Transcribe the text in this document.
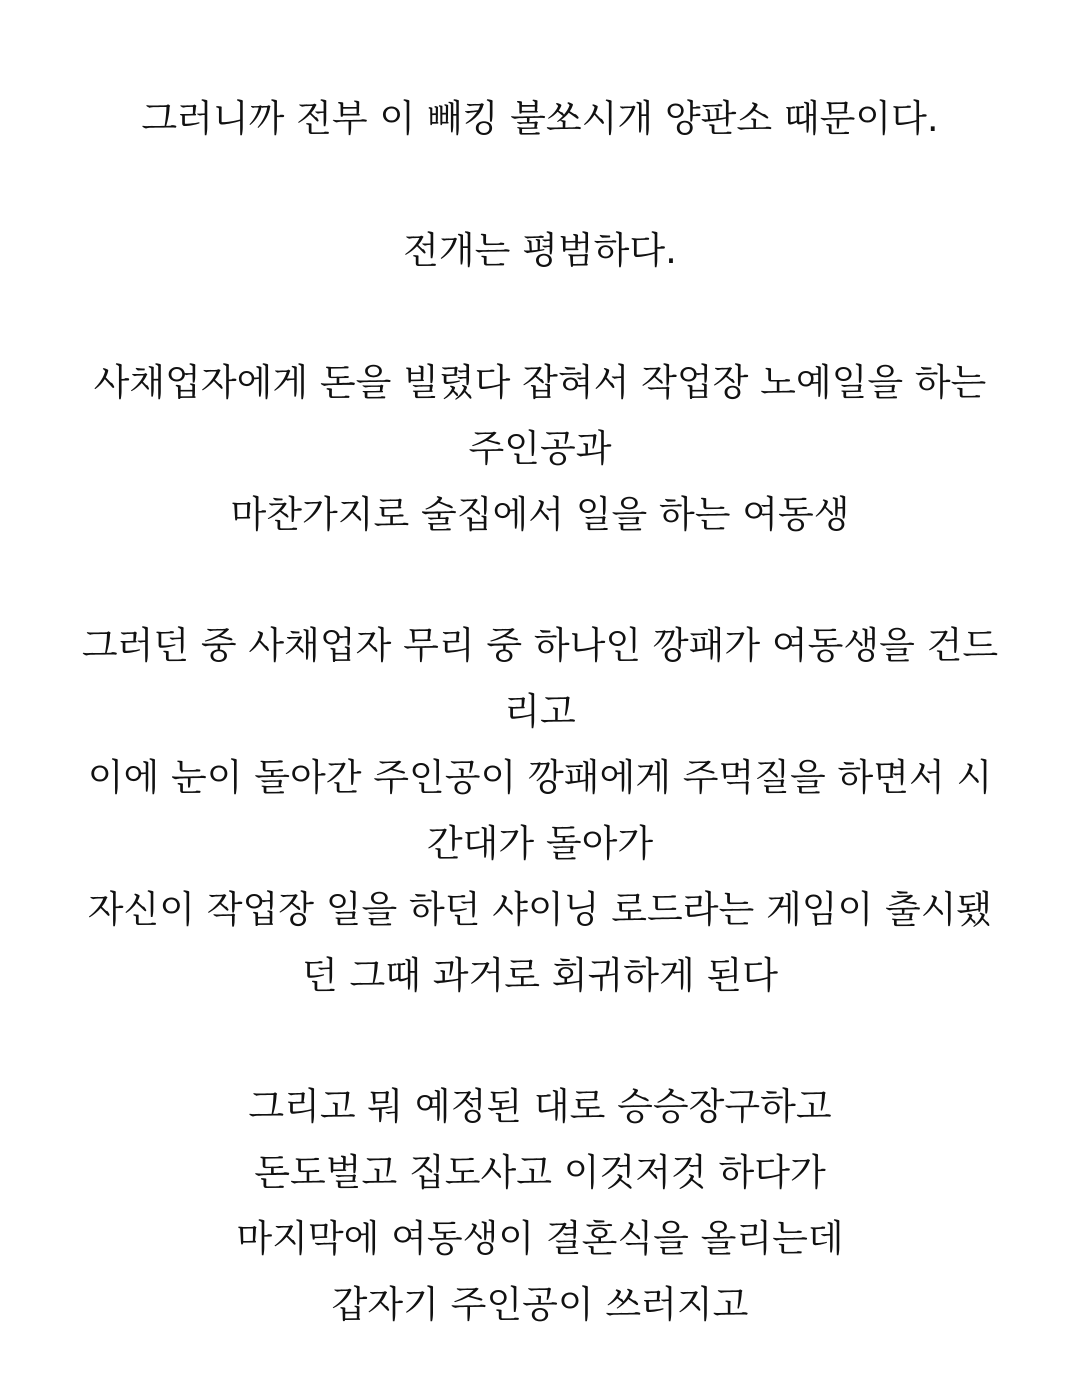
그러니까 전부 이 빼킹 불쏘시개 양판소 때문이다.
전개는 평범하다.
사채업자에게 돈을 빌렸다 잡혀서 작업장 노예일을 하는
주인공과
마찬가지로 술집에서 일을 하는 여동생
그러던 중 사채업자 무리 중 하나인 깡패가 여동생을 건드
리고
이에 눈이 돌아간 주인공이 깡패에게 주먹질을 하면서 시
간대가 돌아가
자신이 작업장 일을 하던 샤이닝 로드라는 게임이 출시됐
던 그때 과거로 회귀하게 된다
그리고 뭐 예정된 대로 승승장구하고
돈도벌고 집도사고 이것저것 하다가
마지막에 여동생이 결혼식을 올리는데
갑자기 주인공이 쓰러지고
